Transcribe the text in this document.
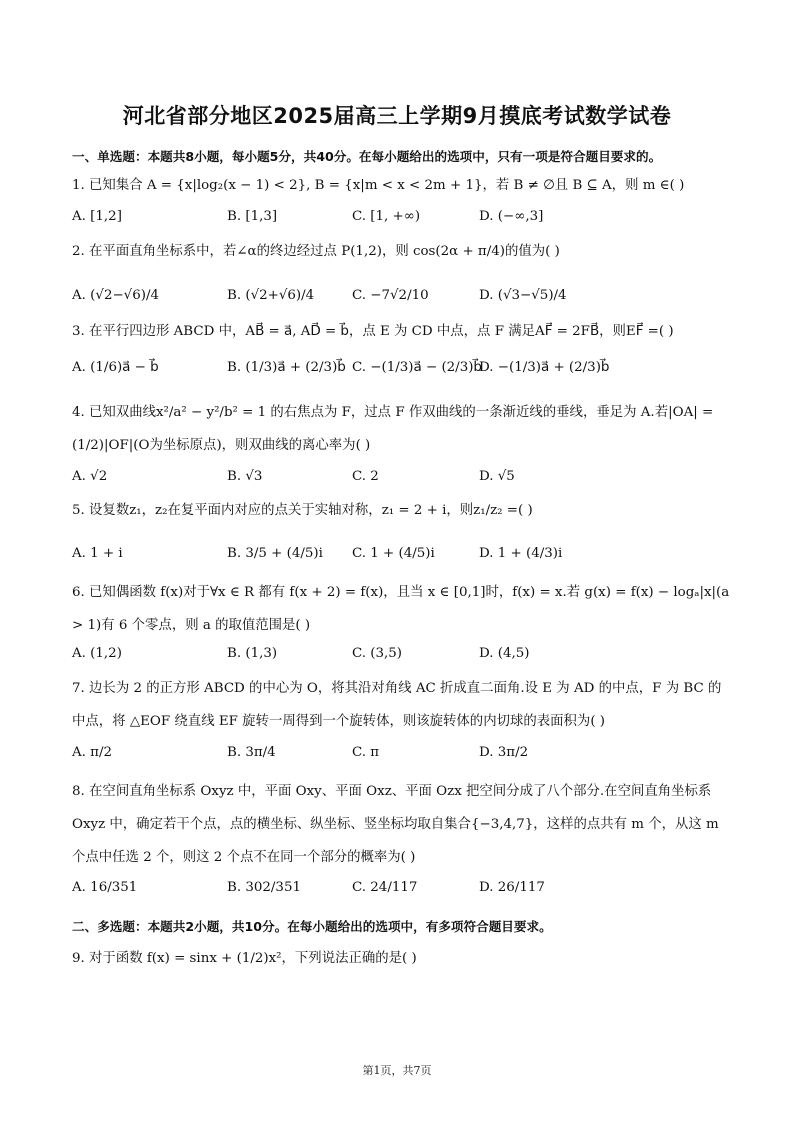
河北省部分地区2025届高三上学期9月摸底考试数学试卷
一、单选题：本题共8小题，每小题5分，共40分。在每小题给出的选项中，只有一项是符合题目要求的。
1. 已知集合 A = {x|log₂(x − 1) < 2}, B = {x|m < x < 2m + 1}，若 B ≠ ∅且 B ⊆ A，则 m ∈( )
A. [1,2]	B. [1,3]	C. [1, +∞)	D. (−∞,3]
2. 在平面直角坐标系中，若∠α的终边经过点 P(1,2)，则 cos(2α + π/4)的值为( )
A. (√2−√6)/4	B. (√2+√6)/4	C. −7√2/10	D. (√3−√5)/4
3. 在平行四边形 ABCD 中，AB⃗ = a⃗, AD⃗ = b⃗，点 E 为 CD 中点，点 F 满足AF⃗ = 2FB⃗，则EF⃗ =( )
A. (1/6)a⃗ − b⃗	B. (1/3)a⃗ + (2/3)b⃗ C. −(1/3)a⃗ − (2/3)b⃗
D. −(1/3)a⃗ + (2/3)b⃗
4. 已知双曲线x²/a² − y²/b² = 1 的右焦点为 F，过点 F 作双曲线的一条渐近线的垂线，垂足为 A.若|OA| = (1/2)|OF|(O为坐标原点)，则双曲线的离心率为( )
A. √2	B. √3	C. 2	D. √5
5. 设复数z₁，z₂在复平面内对应的点关于实轴对称，z₁ = 2 + i，则z₁/z₂ =( )
A. 1 + i	B. 3/5 + (4/5)i C. 1 + (4/5)i	D. 1 + (4/3)i
6. 已知偶函数 f(x)对于∀x ∈ R 都有 f(x + 2) = f(x)，且当 x ∈ [0,1]时，f(x) = x.若 g(x) = f(x) − logₐ|x|(a > 1)有 6 个零点，则 a 的取值范围是( )
A. (1,2)	B. (1,3)	C. (3,5)	D. (4,5)
7. 边长为 2 的正方形 ABCD 的中心为 O，将其沿对角线 AC 折成直二面角.设 E 为 AD 的中点，F 为 BC 的中点，将 △EOF 绕直线 EF 旋转一周得到一个旋转体，则该旋转体的内切球的表面积为( )
A. π/2	B. 3π/4	C. π	D. 3π/2
8. 在空间直角坐标系 Oxyz 中，平面 Oxy、平面 Oxz、平面 Ozx 把空间分成了八个部分.在空间直角坐标系 Oxyz 中，确定若干个点，点的横坐标、纵坐标、竖坐标均取自集合{−3,4,7}，这样的点共有 m 个，从这 m 个点中任选 2 个，则这 2 个点不在同一个部分的概率为( )
A. 16/351	B. 302/351	C. 24/117	D. 26/117
二、多选题：本题共2小题，共10分。在每小题给出的选项中，有多项符合题目要求。
9. 对于函数 f(x) = sinx + (1/2)x²，下列说法正确的是( )
第1页，共7页
